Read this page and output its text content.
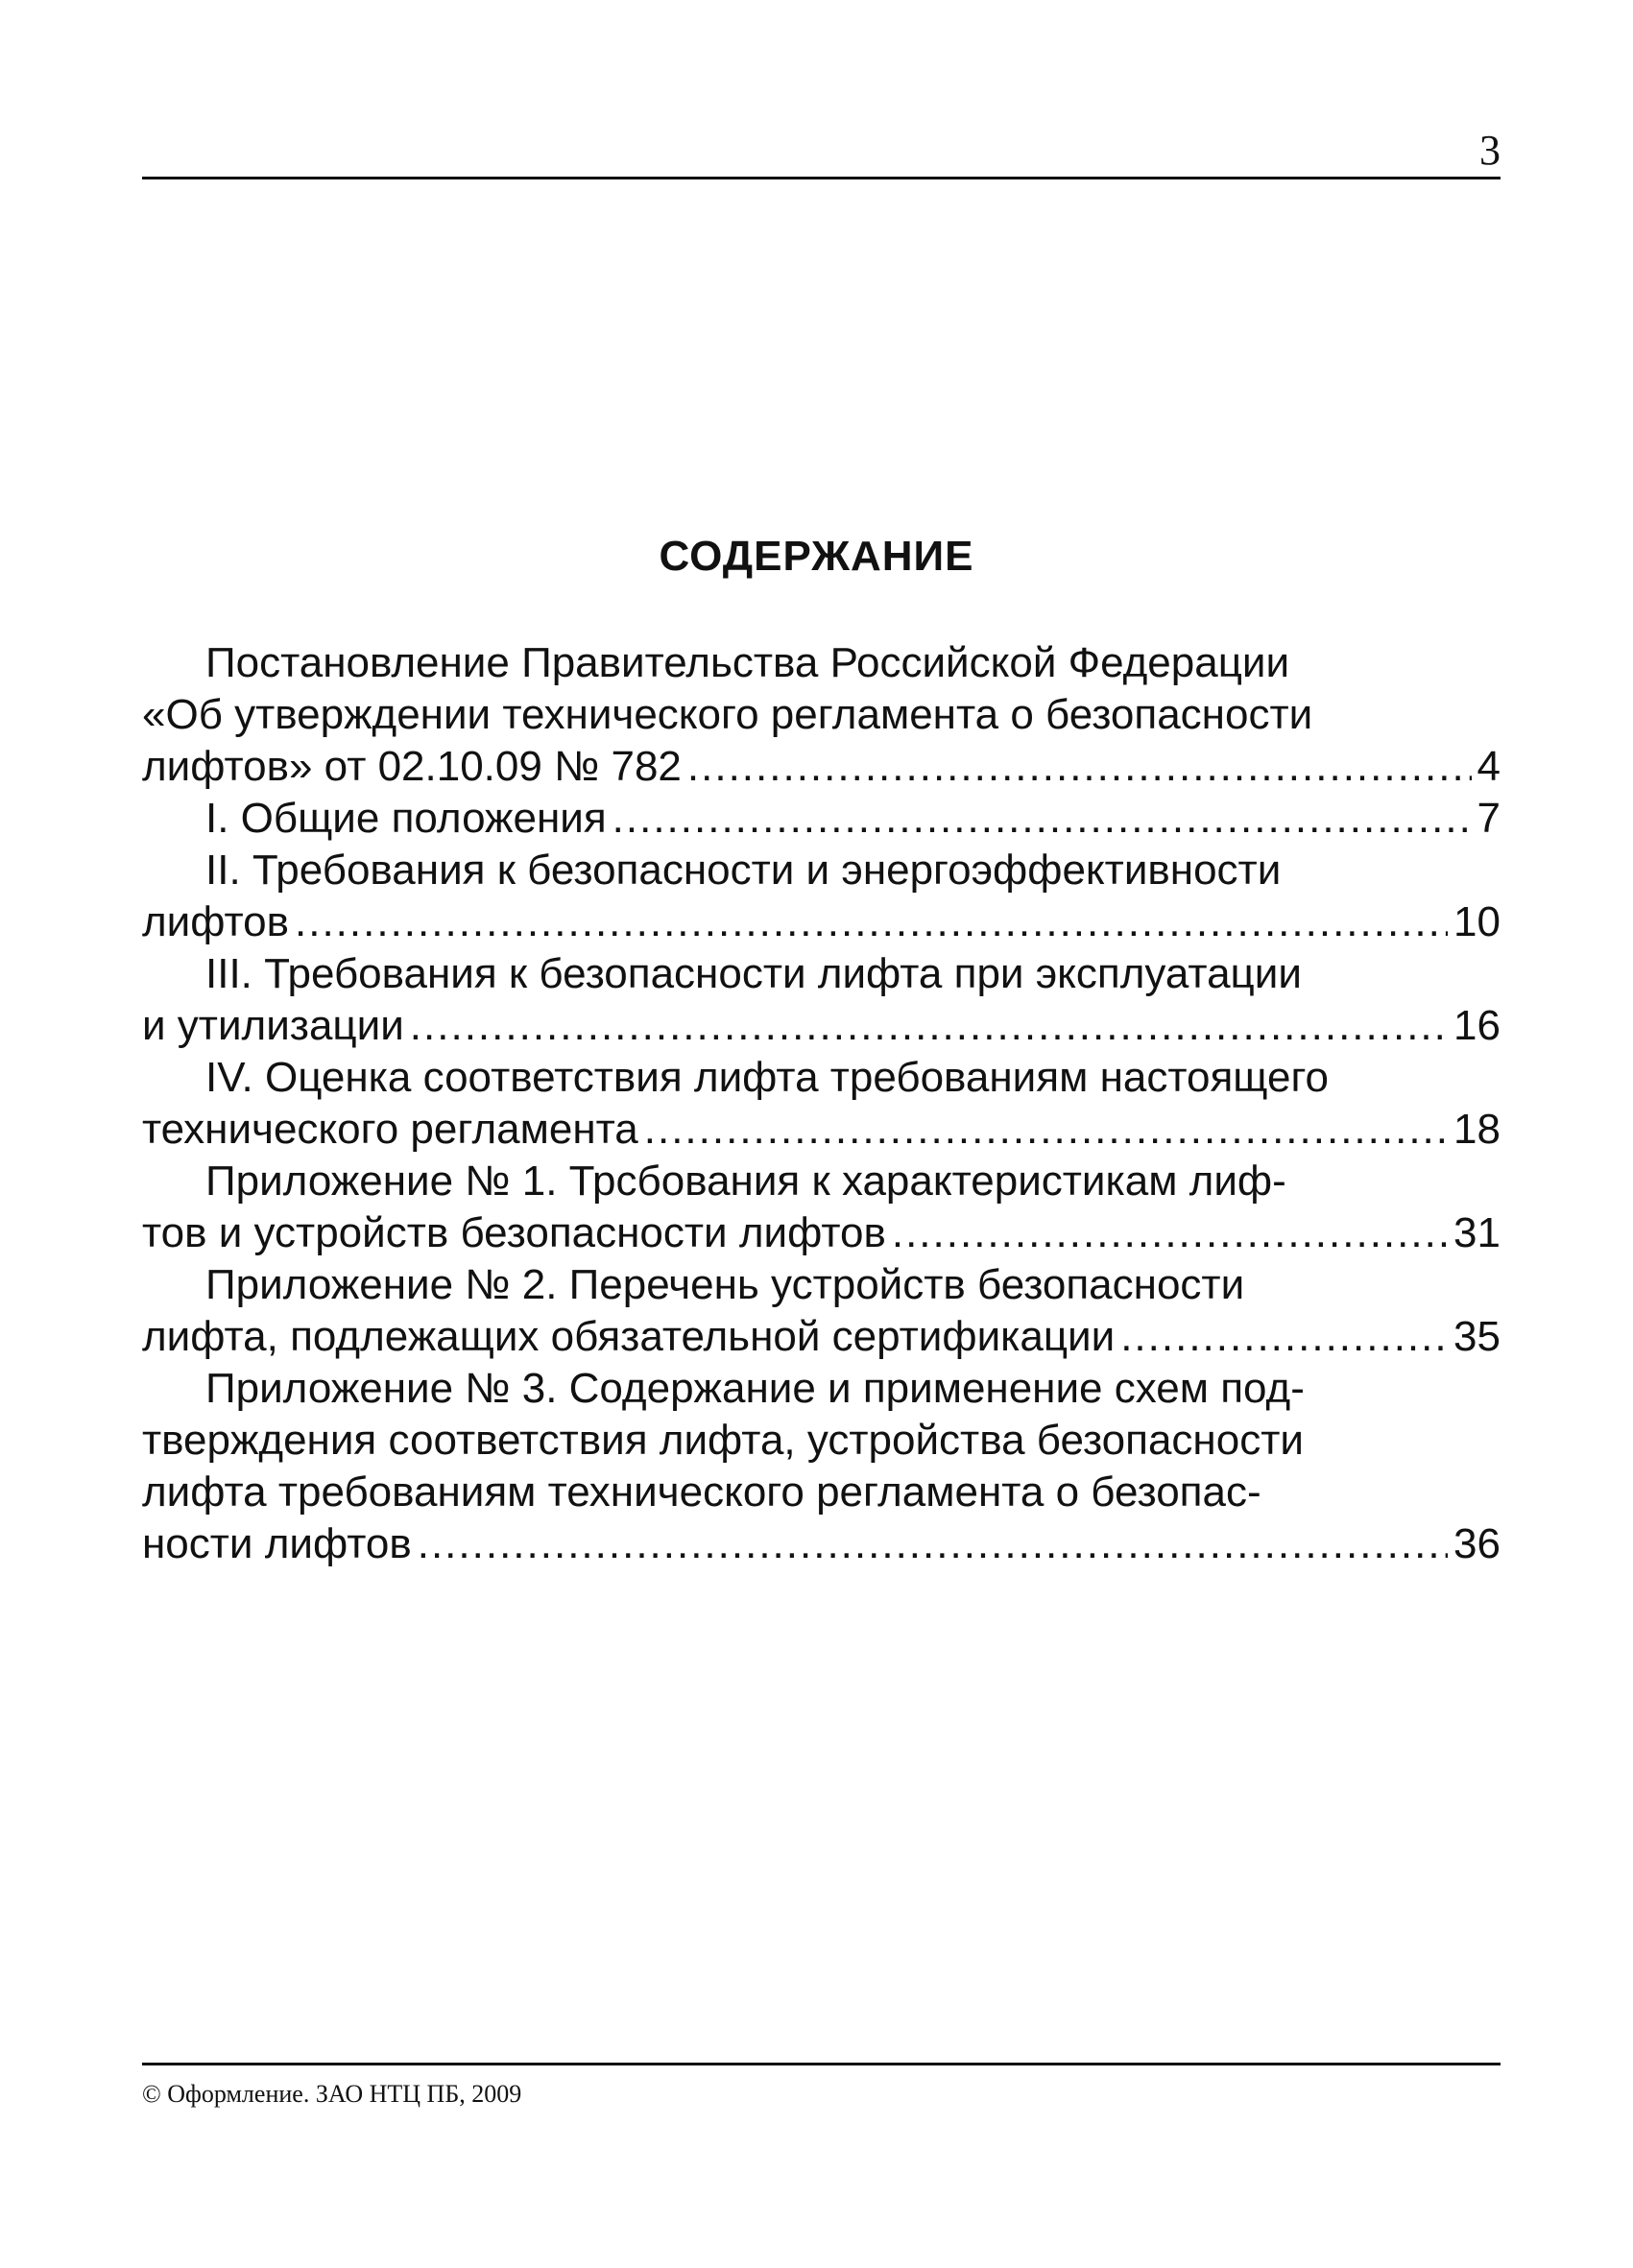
3
СОДЕРЖАНИЕ
Постановление Правительства Российской Федерации
«Об утверждении технического регламента о безопасности
лифтов» от 02.10.09 № 782 .....	4
I. Общие положения .....	7
II. Требования к безопасности и энергоэффективности
лифтов .....	10
III. Требования к безопасности лифта при эксплуатации
и утилизации .....	16
IV. Оценка соответствия лифта требованиям настоящего
технического регламента .....	18
Приложение № 1. Трсбования к характеристикам лиф-
тов и устройств безопасности лифтов .....	31
Приложение № 2. Перечень устройств безопасности
лифта, подлежащих обязательной сертификации .....	35
Приложение № 3. Содержание и применение схем под-
тверждения соответствия лифта, устройства безопасности
лифта требованиям технического регламента о безопас-
ности лифтов .....	36
© Оформление. ЗАО НТЦ ПБ, 2009
